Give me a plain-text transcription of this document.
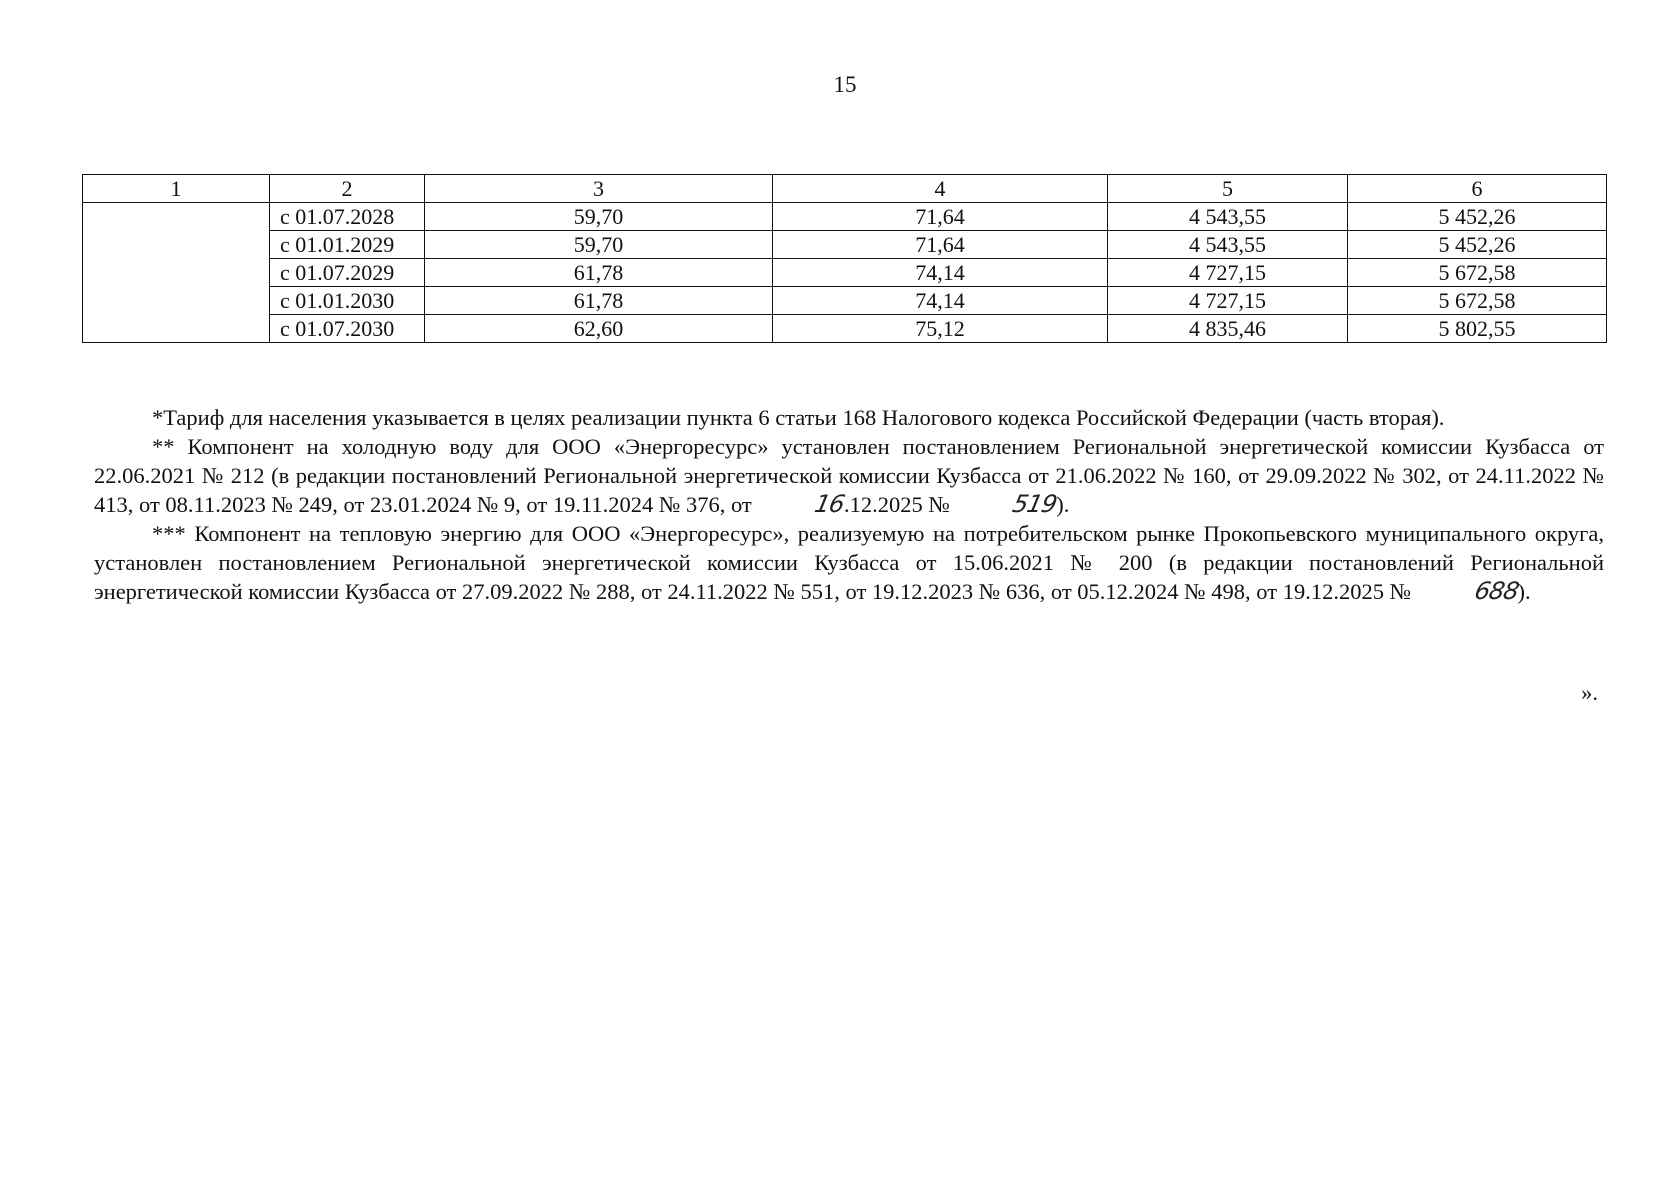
15
1	2	3	4	5	6
	с 01.07.2028	59,70	71,64	4 543,55	5 452,26
	с 01.01.2029	59,70	71,64	4 543,55	5 452,26
	с 01.07.2029	61,78	74,14	4 727,15	5 672,58
	с 01.01.2030	61,78	74,14	4 727,15	5 672,58
	с 01.07.2030	62,60	75,12	4 835,46	5 802,55

*Тариф для населения указывается в целях реализации пункта 6 статьи 168 Налогового кодекса Российской Федерации (часть вторая).

** Компонент на холодную воду для ООО «Энергоресурс» установлен постановлением Региональной энергетической комиссии Кузбасса от 22.06.2021 № 212 (в редакции постановлений Региональной энергетической комиссии Кузбасса от 21.06.2022 № 160, от 29.09.2022 № 302, от 24.11.2022 № 413, от 08.11.2023 № 249, от 23.01.2024 № 9, от 19.11.2024 № 376, от 16.12.2025 № 519).

*** Компонент на тепловую энергию для ООО «Энергоресурс», реализуемую на потребительском рынке Прокопьевского муниципального округа, установлен постановлением Региональной энергетической комиссии Кузбасса от 15.06.2021 № 200 (в редакции постановлений Региональной энергетической комиссии Кузбасса от 27.09.2022 № 288, от 24.11.2022 № 551, от 19.12.2023 № 636, от 05.12.2024 № 498, от 19.12.2025 № 688).

».
